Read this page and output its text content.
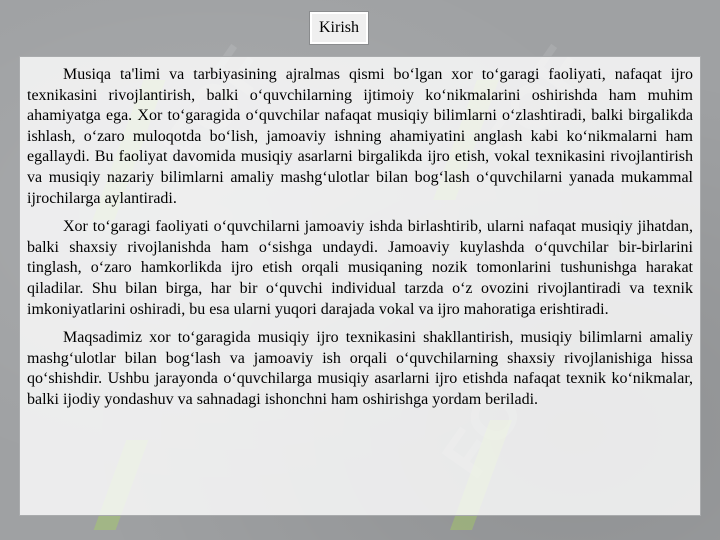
Kirish

Musiqa ta'limi va tarbiyasining ajralmas qismi bo‘lgan xor to‘garagi faoliyati, nafaqat ijro texnikasini rivojlantirish, balki o‘quvchilarning ijtimoiy ko‘nikmalarini oshirishda ham muhim ahamiyatga ega. Xor to‘garagida o‘quvchilar nafaqat musiqiy bilimlarni o‘zlashtiradi, balki birgalikda ishlash, o‘zaro muloqotda bo‘lish, jamoaviy ishning ahamiyatini anglash kabi ko‘nikmalarni ham egallaydi. Bu faoliyat davomida musiqiy asarlarni birgalikda ijro etish, vokal texnikasini rivojlantirish va musiqiy nazariy bilimlarni amaliy mashg‘ulotlar bilan bog‘lash o‘quvchilarni yanada mukammal ijrochilarga aylantiradi.

Xor to‘garagi faoliyati o‘quvchilarni jamoaviy ishda birlashtirib, ularni nafaqat musiqiy jihatdan, balki shaxsiy rivojlanishda ham o‘sishga undaydi. Jamoaviy kuylashda o‘quvchilar bir-birlarini tinglash, o‘zaro hamkorlikda ijro etish orqali musiqaning nozik tomonlarini tushunishga harakat qiladilar. Shu bilan birga, har bir o‘quvchi individual tarzda o‘z ovozini rivojlantiradi va texnik imkoniyatlarini oshiradi, bu esa ularni yuqori darajada vokal va ijro mahoratiga erishtiradi.

Maqsadimiz xor to‘garagida musiqiy ijro texnikasini shakllantirish, musiqiy bilimlarni amaliy mashg‘ulotlar bilan bog‘lash va jamoaviy ish orqali o‘quvchilarning shaxsiy rivojlanishiga hissa qo‘shishdir. Ushbu jarayonda o‘quvchilarga musiqiy asarlarni ijro etishda nafaqat texnik ko‘nikmalar, balki ijodiy yondashuv va sahnadagi ishonchni ham oshirishga yordam beriladi.
